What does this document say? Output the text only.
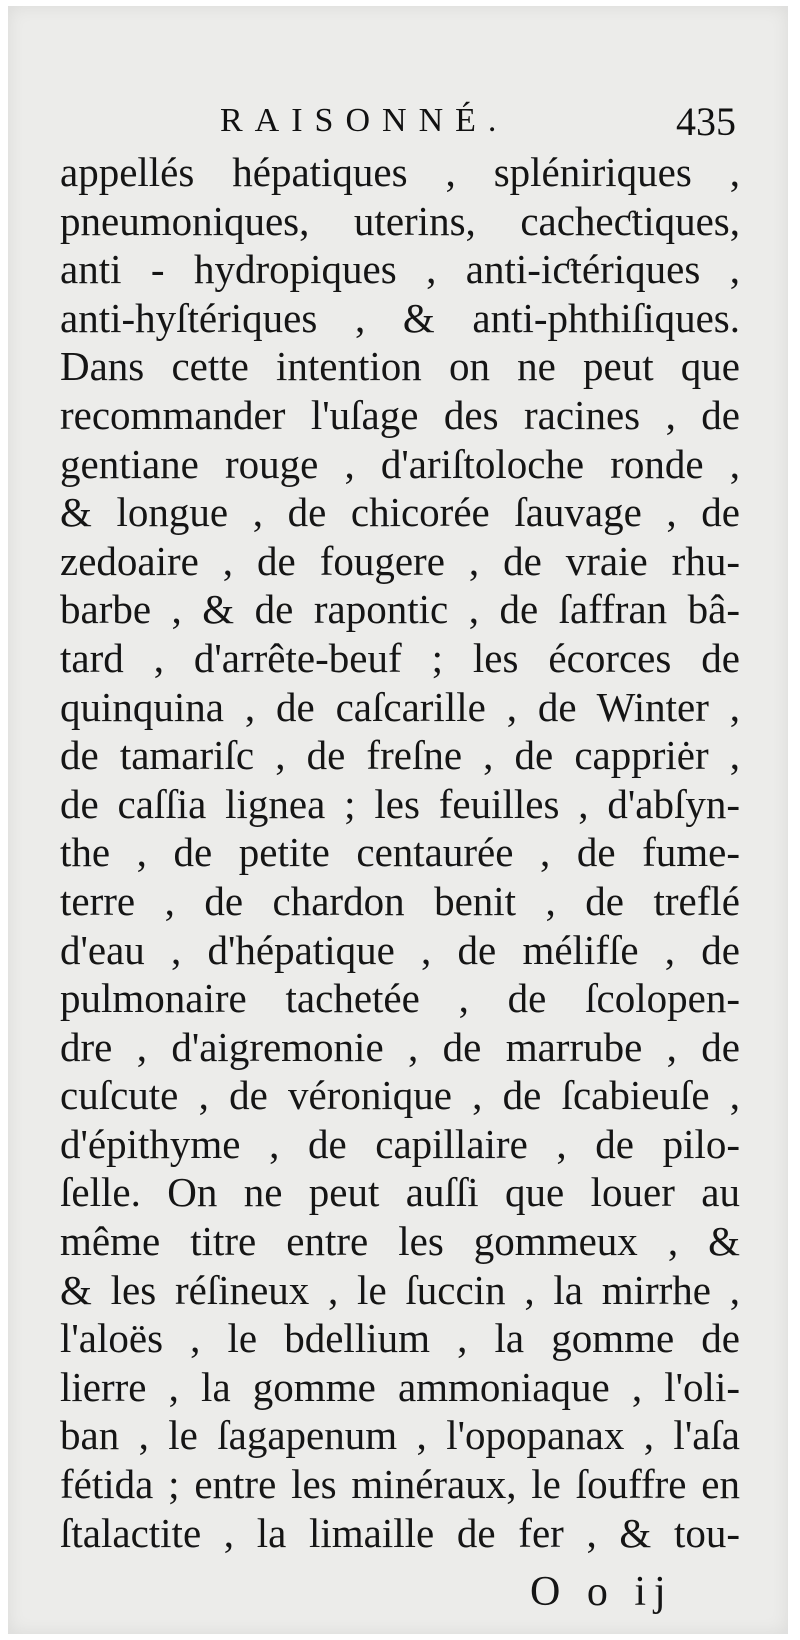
RAISONNÉ.	435
appellés hépatiques , spléniriques ,
pneumoniques, uterins, cacheƈtiques,
anti - hydropiques , anti-iƈtériques ,
anti-hyſtériques , & anti-phthiſiques.
Dans cette intention on ne peut que
recommander l'uſage des racines , de
gentiane rouge , d'ariſtoloche ronde ,
& longue , de chicorée ſauvage , de
zedoaire , de fougere , de vraie rhu-
barbe , & de rapontic , de ſaffran bâ-
tard , d'arrête-beuf ; les écorces de
quinquina , de caſcarille , de Winter ,
de tamariſc , de freſne , de cappriėr ,
de caſſia lignea ; les feuilles , d'abſyn-
the , de petite centaurée , de fume-
terre , de chardon benit , de treflé
d'eau , d'hépatique , de mélifſe , de
pulmonaire tachetée , de ſcolopen-
dre , d'aigremonie , de marrube , de
cuſcute , de véronique , de ſcabieuſe ,
d'épithyme , de capillaire , de pilo-
ſelle. On ne peut auſſi que louer au
même titre entre les gommeux , &
& les réſineux , le ſuccin , la mirrhe ,
l'aloës , le bdellium , la gomme de
lierre , la gomme ammoniaque , l'oli-
ban , le ſagapenum , l'opopanax , l'aſa
fétida ; entre les minéraux, le ſouffre en
ſtalactite , la limaille de fer , & tou-
O o ij
